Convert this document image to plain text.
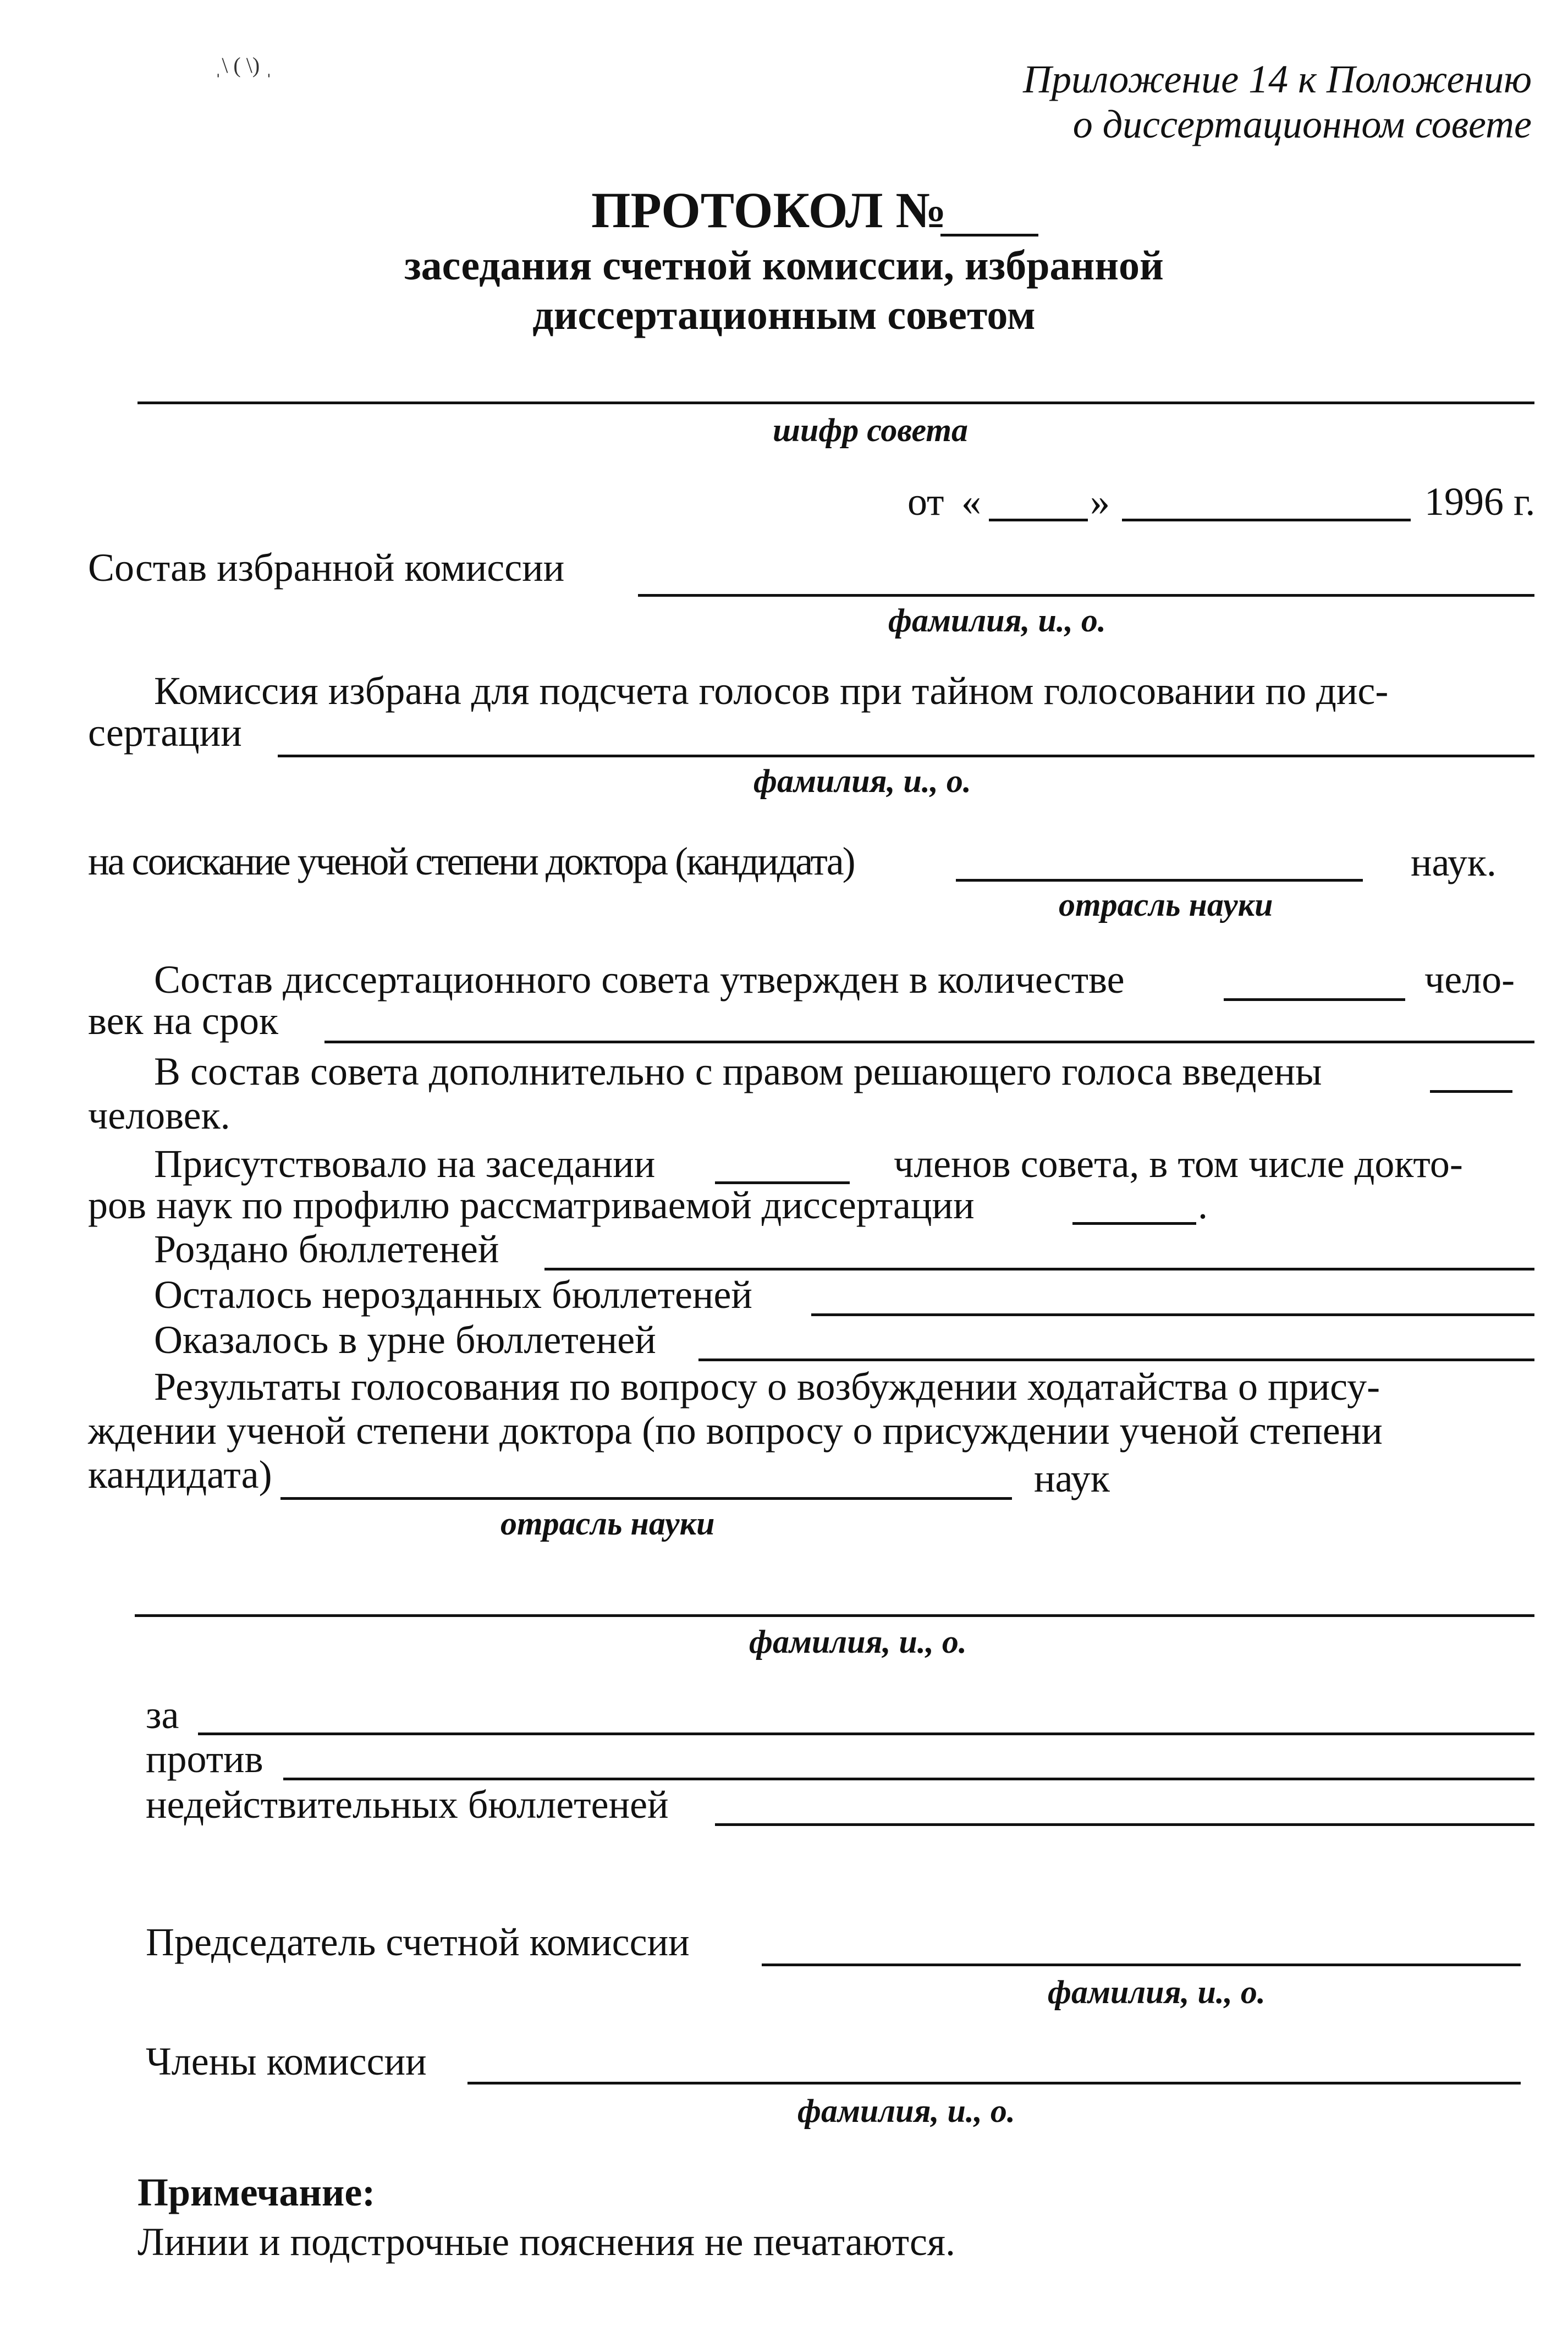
ˌ\ ( \) ˌ	Приложение 14 к Положению
о диссертационном совете
ПРОТОКОЛ №
заседания счетной комиссии, избранной
диссертационным советом
шифр совета
от «	»	1996 г.
Состав избранной комиссии
фамилия, и., о.
Комиссия избрана для подсчета голосов при тайном голосовании по дис-
сертации
фамилия, и., о.
на соискание ученой степени доктора (кандидата)	наук.
отрасль науки
Состав диссертационного совета утвержден в количестве	чело-
век на срок
В состав совета дополнительно с правом решающего голоса введены
человек.
Присутствовало на заседании	членов совета, в том числе докто-
ров наук по профилю рассматриваемой диссертации	.
Роздано бюллетеней
Осталось нерозданных бюллетеней
Оказалось в урне бюллетеней
Результаты голосования по вопросу о возбуждении ходатайства о прису-
ждении ученой степени доктора (по вопросу о присуждении ученой степени
кандидата)	наук
отрасль науки
фамилия, и., о.
за
против
недействительных бюллетеней
Председатель счетной комиссии
фамилия, и., о.
Члены комиссии
фамилия, и., о.
Примечание:
Линии и подстрочные пояснения не печатаются.
